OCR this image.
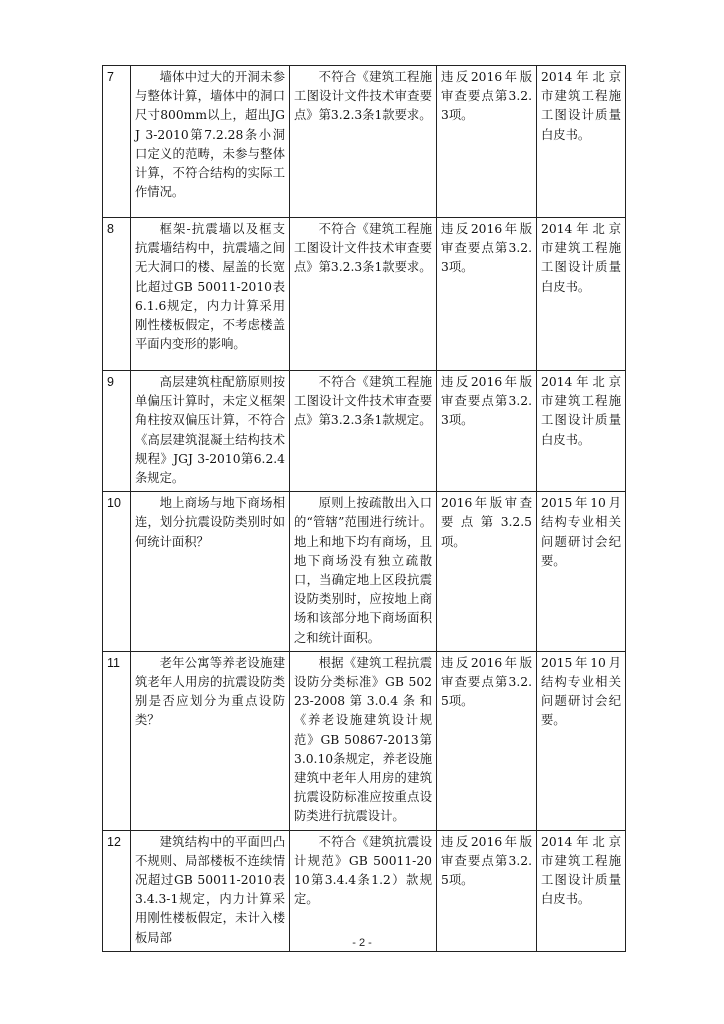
7	墙体中过大的开洞未参与整体计算，墙体中的洞口尺寸800mm以上，超出JGJ 3-2010第7.2.28条小洞口定义的范畴，未参与整体计算，不符合结构的实际工作情况。	不符合《建筑工程施工图设计文件技术审查要点》第3.2.3条1款要求。	违反2016年版审查要点第3.2.3项。	2014年北京市建筑工程施工图设计质量白皮书。
8	框架-抗震墙以及框支抗震墙结构中，抗震墙之间无大洞口的楼、屋盖的长宽比超过GB 50011-2010表6.1.6规定，内力计算采用刚性楼板假定，不考虑楼盖平面内变形的影响。	不符合《建筑工程施工图设计文件技术审查要点》第3.2.3条1款要求。	违反2016年版审查要点第3.2.3项。	2014年北京市建筑工程施工图设计质量白皮书。
9	高层建筑柱配筋原则按单偏压计算时，未定义框架角柱按双偏压计算，不符合《高层建筑混凝土结构技术规程》JGJ 3-2010第6.2.4条规定。	不符合《建筑工程施工图设计文件技术审查要点》第3.2.3条1款规定。	违反2016年版审查要点第3.2.3项。	2014年北京市建筑工程施工图设计质量白皮书。
10	地上商场与地下商场相连，划分抗震设防类别时如何统计面积？	原则上按疏散出入口的“管辖”范围进行统计。地上和地下均有商场，且地下商场没有独立疏散口，当确定地上区段抗震设防类别时，应按地上商场和该部分地下商场面积之和统计面积。	2016年版审查要点第3.2.5项。	2015年10月结构专业相关问题研讨会纪要。
11	老年公寓等养老设施建筑老年人用房的抗震设防类别是否应划分为重点设防类？	根据《建筑工程抗震设防分类标准》GB 50223-2008第3.0.4条和《养老设施建筑设计规范》GB 50867-2013第3.0.10条规定，养老设施建筑中老年人用房的建筑抗震设防标准应按重点设防类进行抗震设计。	违反2016年版审查要点第3.2.5项。	2015年10月结构专业相关问题研讨会纪要。
12	建筑结构中的平面凹凸不规则、局部楼板不连续情况超过GB 50011-2010表3.4.3-1规定，内力计算采用刚性楼板假定，未计入楼板局部	不符合《建筑抗震设计规范》GB 50011-2010第3.4.4条1.2）款规定。	违反2016年版审查要点第3.2.5项。	2014年北京市建筑工程施工图设计质量白皮书。
- 2 -
